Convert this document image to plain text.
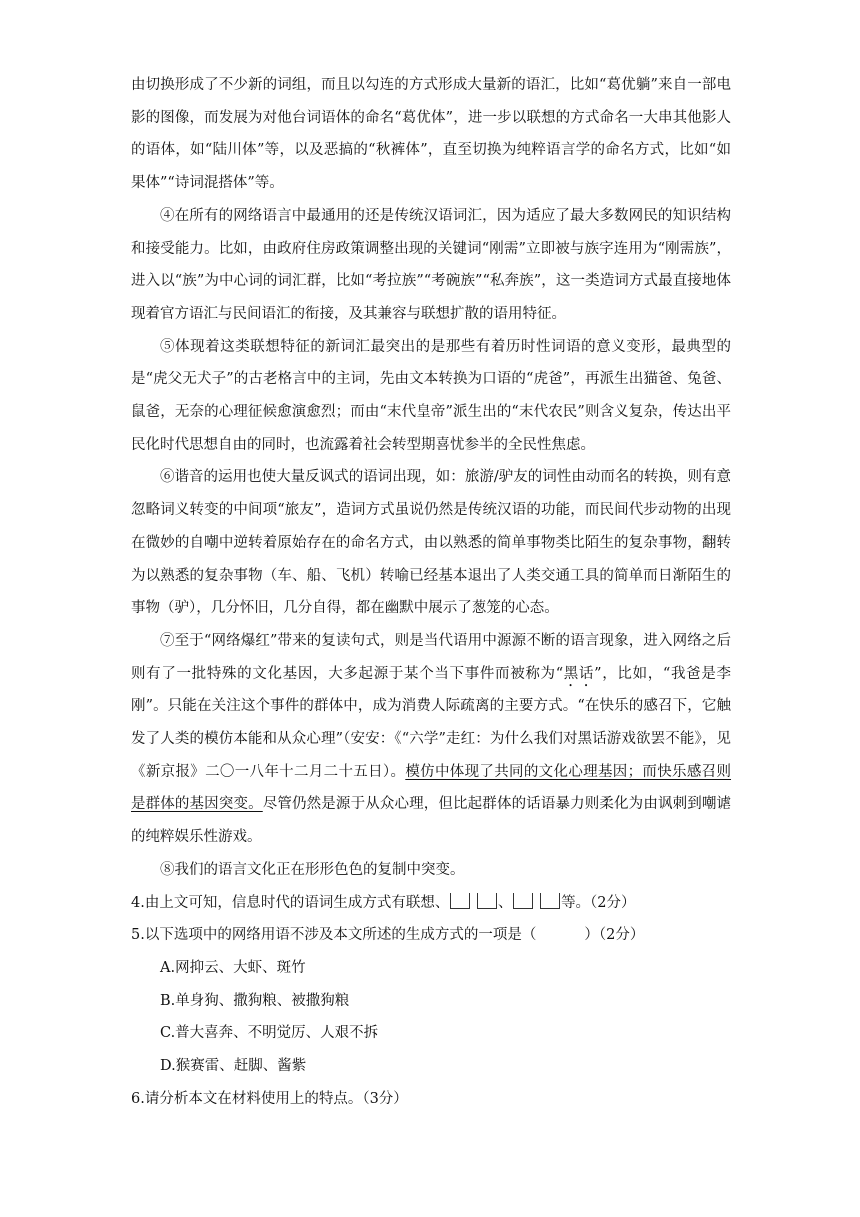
由切换形成了不少新的词组，而且以勾连的方式形成大量新的语汇，比如“葛优躺”来自一部电影的图像，而发展为对他台词语体的命名“葛优体”，进一步以联想的方式命名一大串其他影人的语体，如“陆川体”等，以及恶搞的“秋裤体”，直至切换为纯粹语言学的命名方式，比如“如果体”“诗词混搭体”等。

④在所有的网络语言中最通用的还是传统汉语词汇，因为适应了最大多数网民的知识结构和接受能力。比如，由政府住房政策调整出现的关键词“刚需”立即被与族字连用为“刚需族”，进入以“族”为中心词的词汇群，比如“考拉族”“考碗族”“私奔族”，这一类造词方式最直接地体现着官方语汇与民间语汇的衔接，及其兼容与联想扩散的语用特征。

⑤体现着这类联想特征的新词汇最突出的是那些有着历时性词语的意义变形，最典型的是“虎父无犬子”的古老格言中的主词，先由文本转换为口语的“虎爸”，再派生出猫爸、兔爸、鼠爸，无奈的心理征候愈演愈烈；而由“末代皇帝”派生出的“末代农民”则含义复杂，传达出平民化时代思想自由的同时，也流露着社会转型期喜忧参半的全民性焦虑。

⑥谐音的运用也使大量反讽式的语词出现，如：旅游/驴友的词性由动而名的转换，则有意忽略词义转变的中间项“旅友”，造词方式虽说仍然是传统汉语的功能，而民间代步动物的出现在微妙的自嘲中逆转着原始存在的命名方式，由以熟悉的简单事物类比陌生的复杂事物，翻转为以熟悉的复杂事物（车、船、飞机）转喻已经基本退出了人类交通工具的简单而日渐陌生的事物（驴），几分怀旧，几分自得，都在幽默中展示了葱笼的心态。

⑦至于“网络爆红”带来的复读句式，则是当代语用中源源不断的语言现象，进入网络之后则有了一批特殊的文化基因，大多起源于某个当下事件而被称为“黑话”，比如，“我爸是李刚”。只能在关注这个事件的群体中，成为消费人际疏离的主要方式。“在快乐的感召下，它触发了人类的模仿本能和从众心理”（安安：《“六学”走红：为什么我们对黑话游戏欲罢不能》，见《新京报》二〇一八年十二月二十五日）。模仿中体现了共同的文化心理基因；而快乐感召则是群体的基因突变。尽管仍然是源于从众心理，但比起群体的话语暴力则柔化为由讽刺到嘲谑的纯粹娱乐性游戏。

⑧我们的语言文化正在形形色色的复制中突变。

4.由上文可知，信息时代的语词生成方式有联想、	、	等。（2分）

5.以下选项中的网络用语不涉及本文所述的生成方式的一项是（	）（2分）

A.网抑云、大虾、斑竹

B.单身狗、撒狗粮、被撒狗粮

C.普大喜奔、不明觉厉、人艰不拆

D.猴赛雷、赶脚、酱紫

6.请分析本文在材料使用上的特点。（3分）
